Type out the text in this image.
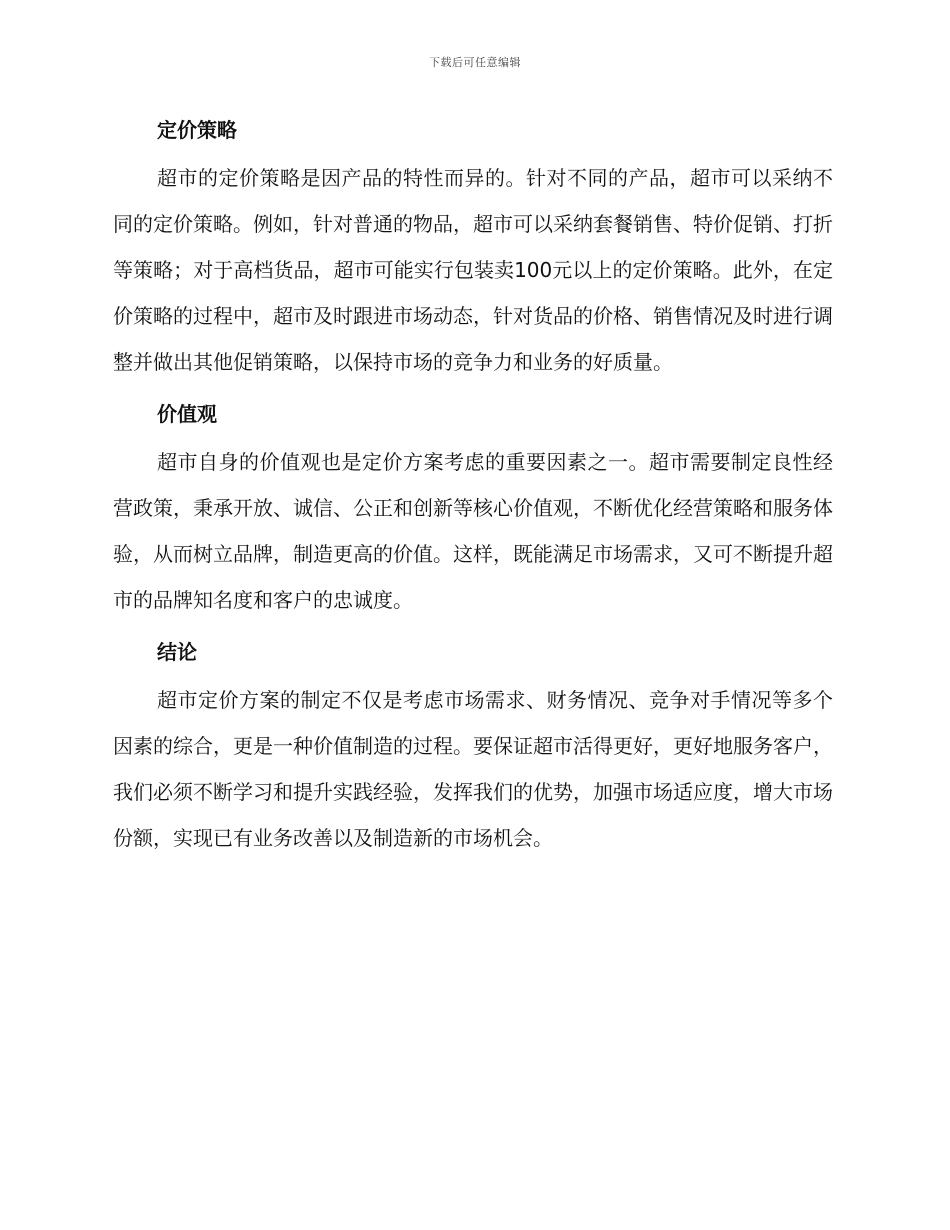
下载后可任意编辑
定价策略
超市的定价策略是因产品的特性而异的。针对不同的产品，超市可以采纳不同的定价策略。例如，针对普通的物品，超市可以采纳套餐销售、特价促销、打折等策略；对于高档货品，超市可能实行包装卖100元以上的定价策略。此外，在定价策略的过程中，超市及时跟进市场动态，针对货品的价格、销售情况及时进行调整并做出其他促销策略，以保持市场的竞争力和业务的好质量。
价值观
超市自身的价值观也是定价方案考虑的重要因素之一。超市需要制定良性经营政策，秉承开放、诚信、公正和创新等核心价值观，不断优化经营策略和服务体验，从而树立品牌，制造更高的价值。这样，既能满足市场需求，又可不断提升超市的品牌知名度和客户的忠诚度。
结论
超市定价方案的制定不仅是考虑市场需求、财务情况、竞争对手情况等多个因素的综合，更是一种价值制造的过程。要保证超市活得更好，更好地服务客户，我们必须不断学习和提升实践经验，发挥我们的优势，加强市场适应度，增大市场份额，实现已有业务改善以及制造新的市场机会。
